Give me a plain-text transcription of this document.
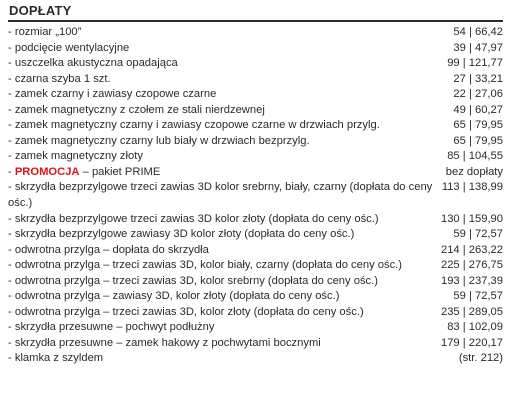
DOPŁATY
- rozmiar „100”	54 | 66,42
- podcięcie wentylacyjne	39 | 47,97
- uszczelka akustyczna opadająca	99 | 121,77
- czarna szyba 1 szt.	27 | 33,21
- zamek czarny i zawiasy czopowe czarne	22 | 27,06
- zamek magnetyczny z czołem ze stali nierdzewnej	49 | 60,27
- zamek magnetyczny czarny i zawiasy czopowe czarne w drzwiach przylg.	65 | 79,95
- zamek magnetyczny czarny lub biały w drzwiach bezprzylg.	65 | 79,95
- zamek magnetyczny złoty	85 | 104,55
- PROMOCJA – pakiet PRIME	bez dopłaty
- skrzydła bezprzylgowe trzeci zawias 3D kolor srebrny, biały, czarny (dopłata do ceny ośc.)
113 | 138,99
- skrzydła bezprzylgowe trzeci zawias 3D kolor złoty (dopłata do ceny ośc.)	130 | 159,90
- skrzydła bezprzylgowe zawiasy 3D kolor złoty (dopłata do ceny ośc.)	59 | 72,57
- odwrotna przylga – dopłata do skrzydła	214 | 263,22
- odwrotna przylga – trzeci zawias 3D, kolor biały, czarny (dopłata do ceny ośc.)	225 | 276,75
- odwrotna przylga – trzeci zawias 3D, kolor srebrny (dopłata do ceny ośc.)	193 | 237,39
- odwrotna przylga – zawiasy 3D, kolor złoty (dopłata do ceny ośc.)	59 | 72,57
- odwrotna przylga – trzeci zawias 3D, kolor złoty (dopłata do ceny ośc.)	235 | 289,05
- skrzydła przesuwne – pochwyt podłużny	83 | 102,09
- skrzydła przesuwne – zamek hakowy z pochwytami bocznymi	179 | 220,17
- klamka z szyldem	(str. 212)
